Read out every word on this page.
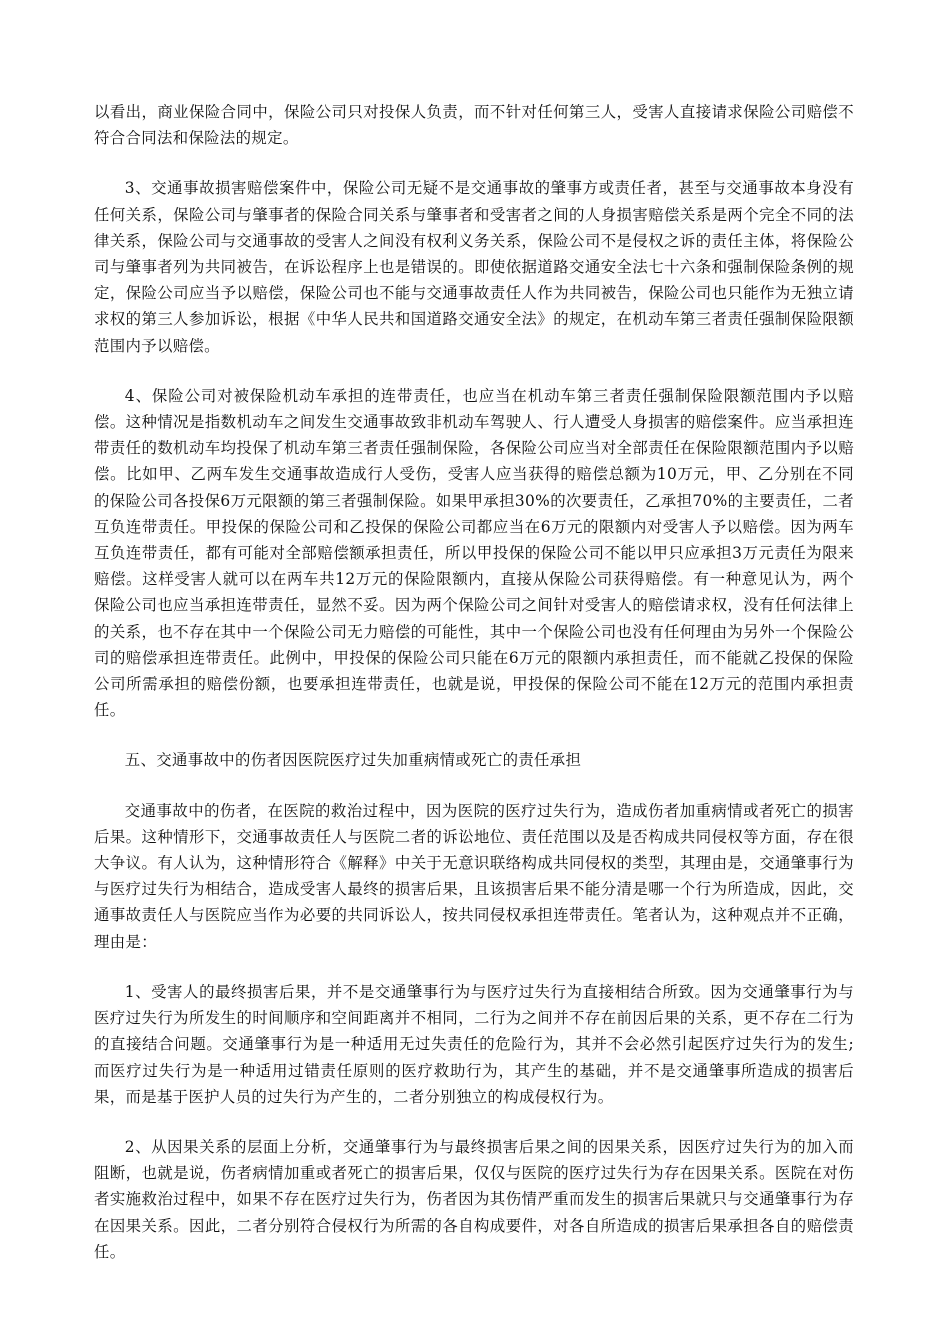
以看出，商业保险合同中，保险公司只对投保人负责，而不针对任何第三人，受害人直接请求保险公司赔偿不符合合同法和保险法的规定。

3、交通事故损害赔偿案件中，保险公司无疑不是交通事故的肇事方或责任者，甚至与交通事故本身没有任何关系，保险公司与肇事者的保险合同关系与肇事者和受害者之间的人身损害赔偿关系是两个完全不同的法律关系，保险公司与交通事故的受害人之间没有权利义务关系，保险公司不是侵权之诉的责任主体，将保险公司与肇事者列为共同被告，在诉讼程序上也是错误的。即使依据道路交通安全法七十六条和强制保险条例的规定，保险公司应当予以赔偿，保险公司也不能与交通事故责任人作为共同被告，保险公司也只能作为无独立请求权的第三人参加诉讼，根据《中华人民共和国道路交通安全法》的规定，在机动车第三者责任强制保险限额范围内予以赔偿。

4、保险公司对被保险机动车承担的连带责任，也应当在机动车第三者责任强制保险限额范围内予以赔偿。这种情况是指数机动车之间发生交通事故致非机动车驾驶人、行人遭受人身损害的赔偿案件。应当承担连带责任的数机动车均投保了机动车第三者责任强制保险，各保险公司应当对全部责任在保险限额范围内予以赔偿。比如甲、乙两车发生交通事故造成行人受伤，受害人应当获得的赔偿总额为10万元，甲、乙分别在不同的保险公司各投保6万元限额的第三者强制保险。如果甲承担30%的次要责任，乙承担70%的主要责任，二者互负连带责任。甲投保的保险公司和乙投保的保险公司都应当在6万元的限额内对受害人予以赔偿。因为两车互负连带责任，都有可能对全部赔偿额承担责任，所以甲投保的保险公司不能以甲只应承担3万元责任为限来赔偿。这样受害人就可以在两车共12万元的保险限额内，直接从保险公司获得赔偿。有一种意见认为，两个保险公司也应当承担连带责任，显然不妥。因为两个保险公司之间针对受害人的赔偿请求权，没有任何法律上的关系，也不存在其中一个保险公司无力赔偿的可能性，其中一个保险公司也没有任何理由为另外一个保险公司的赔偿承担连带责任。此例中，甲投保的保险公司只能在6万元的限额内承担责任，而不能就乙投保的保险公司所需承担的赔偿份额，也要承担连带责任，也就是说，甲投保的保险公司不能在12万元的范围内承担责任。

五、交通事故中的伤者因医院医疗过失加重病情或死亡的责任承担

交通事故中的伤者，在医院的救治过程中，因为医院的医疗过失行为，造成伤者加重病情或者死亡的损害后果。这种情形下，交通事故责任人与医院二者的诉讼地位、责任范围以及是否构成共同侵权等方面，存在很大争议。有人认为，这种情形符合《解释》中关于无意识联络构成共同侵权的类型，其理由是，交通肇事行为与医疗过失行为相结合，造成受害人最终的损害后果，且该损害后果不能分清是哪一个行为所造成，因此，交通事故责任人与医院应当作为必要的共同诉讼人，按共同侵权承担连带责任。笔者认为，这种观点并不正确，理由是：

1、受害人的最终损害后果，并不是交通肇事行为与医疗过失行为直接相结合所致。因为交通肇事行为与医疗过失行为所发生的时间顺序和空间距离并不相同，二行为之间并不存在前因后果的关系，更不存在二行为的直接结合问题。交通肇事行为是一种适用无过失责任的危险行为，其并不会必然引起医疗过失行为的发生;而医疗过失行为是一种适用过错责任原则的医疗救助行为，其产生的基础，并不是交通肇事所造成的损害后果，而是基于医护人员的过失行为产生的，二者分别独立的构成侵权行为。

2、从因果关系的层面上分析，交通肇事行为与最终损害后果之间的因果关系，因医疗过失行为的加入而阻断，也就是说，伤者病情加重或者死亡的损害后果，仅仅与医院的医疗过失行为存在因果关系。医院在对伤者实施救治过程中，如果不存在医疗过失行为，伤者因为其伤情严重而发生的损害后果就只与交通肇事行为存在因果关系。因此，二者分别符合侵权行为所需的各自构成要件，对各自所造成的损害后果承担各自的赔偿责任。
